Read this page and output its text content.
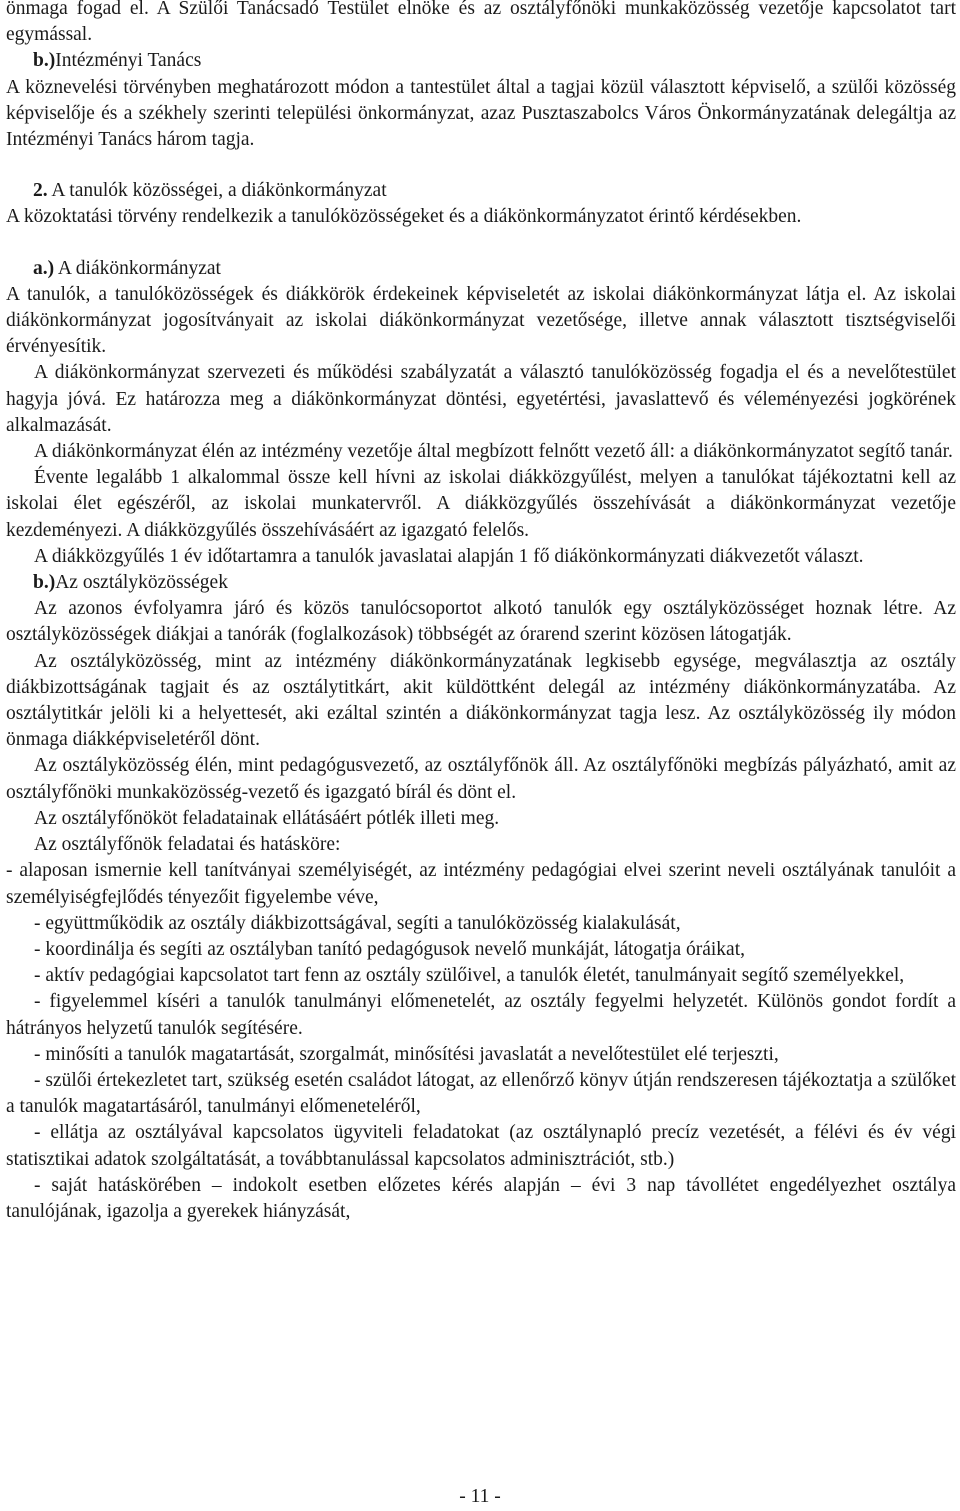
önmaga fogad el. A Szülői Tanácsadó Testület elnöke és az osztályfőnöki munkaközösség vezetője kapcsolatot tart egymással.

b.)Intézményi Tanács

A köznevelési törvényben meghatározott módon a tantestület által a tagjai közül választott képviselő, a szülői közösség képviselője és a székhely szerinti települési önkormányzat, azaz Pusztaszabolcs Város Önkormányzatának delegáltja az Intézményi Tanács három tagja.

2. A tanulók közösségei, a diákönkormányzat

A közoktatási törvény rendelkezik a tanulóközösségeket és a diákönkormányzatot érintő kérdésekben.

a.) A diákönkormányzat

A tanulók, a tanulóközösségek és diákkörök érdekeinek képviseletét az iskolai diákönkormányzat látja el. Az iskolai diákönkormányzat jogosítványait az iskolai diákönkormányzat vezetősége, illetve annak választott tisztségviselői érvényesítik.

A diákönkormányzat szervezeti és működési szabályzatát a választó tanulóközösség fogadja el és a nevelőtestület hagyja jóvá. Ez határozza meg a diákönkormányzat döntési, egyetértési, javaslattevő és véleményezési jogkörének alkalmazását.

A diákönkormányzat élén az intézmény vezetője által megbízott felnőtt vezető áll: a diákönkormányzatot segítő tanár.

Évente legalább 1 alkalommal össze kell hívni az iskolai diákközgyűlést, melyen a tanulókat tájékoztatni kell az iskolai élet egészéről, az iskolai munkatervről. A diákközgyűlés összehívását a diákönkormányzat vezetője kezdeményezi. A diákközgyűlés összehívásáért az igazgató felelős.

A diákközgyűlés 1 év időtartamra a tanulók javaslatai alapján 1 fő diákönkormányzati diákvezetőt választ.

b.)Az osztályközösségek

Az azonos évfolyamra járó és közös tanulócsoportot alkotó tanulók egy osztályközösséget hoznak létre. Az osztályközösségek diákjai a tanórák (foglalkozások) többségét az órarend szerint közösen látogatják.

Az osztályközösség, mint az intézmény diákönkormányzatának legkisebb egysége, megválasztja az osztály diákbizottságának tagjait és az osztálytitkárt, akit küldöttként delegál az intézmény diákönkormányzatába. Az osztálytitkár jelöli ki a helyettesét, aki ezáltal szintén a diákönkormányzat tagja lesz. Az osztályközösség ily módon önmaga diákképviseletéről dönt.

Az osztályközösség élén, mint pedagógusvezető, az osztályfőnök áll. Az osztályfőnöki megbízás pályázható, amit az osztályfőnöki munkaközösség-vezető és igazgató bírál és dönt el.

Az osztályfőnököt feladatainak ellátásáért pótlék illeti meg.

Az osztályfőnök feladatai és hatásköre:

- alaposan ismernie kell tanítványai személyiségét, az intézmény pedagógiai elvei szerint neveli osztályának tanulóit a személyiségfejlődés tényezőit figyelembe véve,

- együttműködik az osztály diákbizottságával, segíti a tanulóközösség kialakulását,

- koordinálja és segíti az osztályban tanító pedagógusok nevelő munkáját, látogatja óráikat,

- aktív pedagógiai kapcsolatot tart fenn az osztály szülőivel, a tanulók életét, tanulmányait segítő személyekkel,

- figyelemmel kíséri a tanulók tanulmányi előmenetelét, az osztály fegyelmi helyzetét. Különös gondot fordít a hátrányos helyzetű tanulók segítésére.

- minősíti a tanulók magatartását, szorgalmát, minősítési javaslatát a nevelőtestület elé terjeszti,

- szülői értekezletet tart, szükség esetén családot látogat, az ellenőrző könyv útján rendszeresen tájékoztatja a szülőket a tanulók magatartásáról, tanulmányi előmeneteléről,

- ellátja az osztályával kapcsolatos ügyviteli feladatokat (az osztálynapló precíz vezetését, a félévi és év végi statisztikai adatok szolgáltatását, a továbbtanulással kapcsolatos adminisztrációt, stb.)

- saját hatáskörében – indokolt esetben előzetes kérés alapján – évi 3 nap távollétet engedélyezhet osztálya tanulójának, igazolja a gyerekek hiányzását,

- 11 -
